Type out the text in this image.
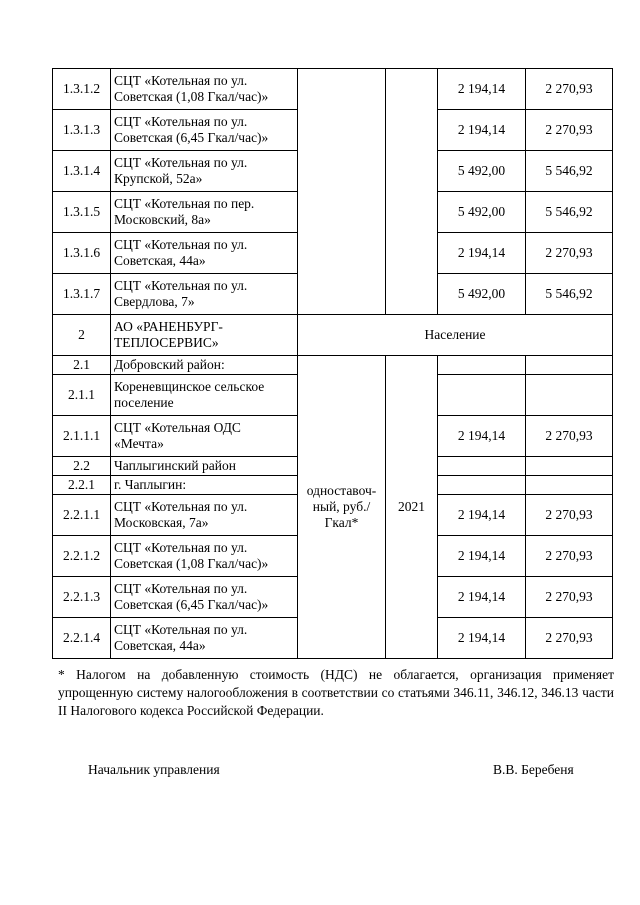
1.3.1.2	СЦТ «Котельная по ул. Советская (1,08 Гкал/час)»			2 194,14	2 270,93
1.3.1.3	СЦТ «Котельная по ул. Советская (6,45 Гкал/час)»			2 194,14	2 270,93
1.3.1.4	СЦТ «Котельная по ул. Крупской, 52а»			5 492,00	5 546,92
1.3.1.5	СЦТ «Котельная по пер. Московский, 8а»			5 492,00	5 546,92
1.3.1.6	СЦТ «Котельная по ул. Советская, 44а»			2 194,14	2 270,93
1.3.1.7	СЦТ «Котельная по ул. Свердлова, 7»			5 492,00	5 546,92
2	АО «РАНЕНБУРГ-ТЕПЛОСЕРВИС»	Население			
2.1	Добровский район:	одноставоч-ный, руб./Гкал*	2021		
2.1.1	Кореневщинское сельское поселение				
2.1.1.1	СЦТ «Котельная ОДС «Мечта»			2 194,14	2 270,93
2.2	Чаплыгинский район				
2.2.1	г. Чаплыгин:				
2.2.1.1	СЦТ «Котельная по ул. Московская, 7а»			2 194,14	2 270,93
2.2.1.2	СЦТ «Котельная по ул. Советская (1,08 Гкал/час)»			2 194,14	2 270,93
2.2.1.3	СЦТ «Котельная по ул. Советская (6,45 Гкал/час)»			2 194,14	2 270,93
2.2.1.4	СЦТ «Котельная по ул. Советская, 44а»			2 194,14	2 270,93
* Налогом на добавленную стоимость (НДС) не облагается, организация применяет упрощенную систему налогообложения в соответствии со статьями 346.11, 346.12, 346.13 части II Налогового кодекса Российской Федерации.
Начальник управления	В.В. Беребеня
